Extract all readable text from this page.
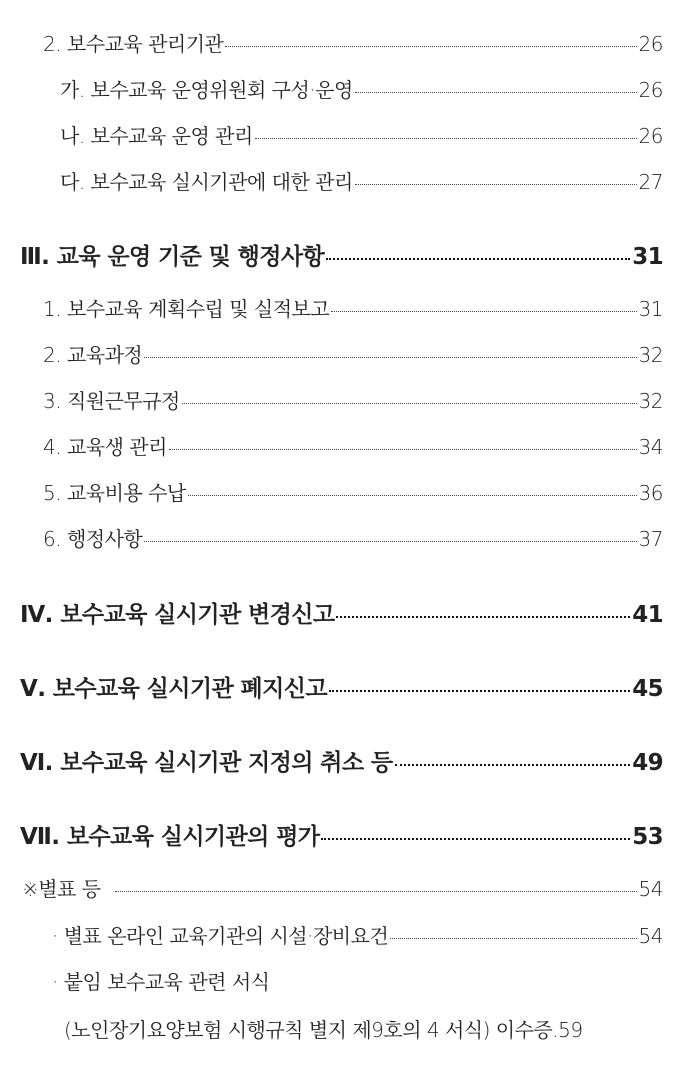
2. 보수교육 관리기관	26
가. 보수교육 운영위원회 구성·운영	26
나. 보수교육 운영 관리	26
다. 보수교육 실시기관에 대한 관리	27
Ⅲ. 교육 운영 기준 및 행정사항	31
1. 보수교육 계획수립 및 실적보고	31
2. 교육과정	32
3. 직원근무규정	32
4. 교육생 관리	34
5. 교육비용 수납	36
6. 행정사항	37
Ⅳ. 보수교육 실시기관 변경신고	41
Ⅴ. 보수교육 실시기관 폐지신고	45
Ⅵ. 보수교육 실시기관 지정의 취소 등	49
Ⅶ. 보수교육 실시기관의 평가	53
※별표 등	54
· 별표 온라인 교육기관의 시설·장비요건	54
· 붙임 보수교육 관련 서식
(노인장기요양보험 시행규칙 별지 제9호의 4 서식) 이수증.59
